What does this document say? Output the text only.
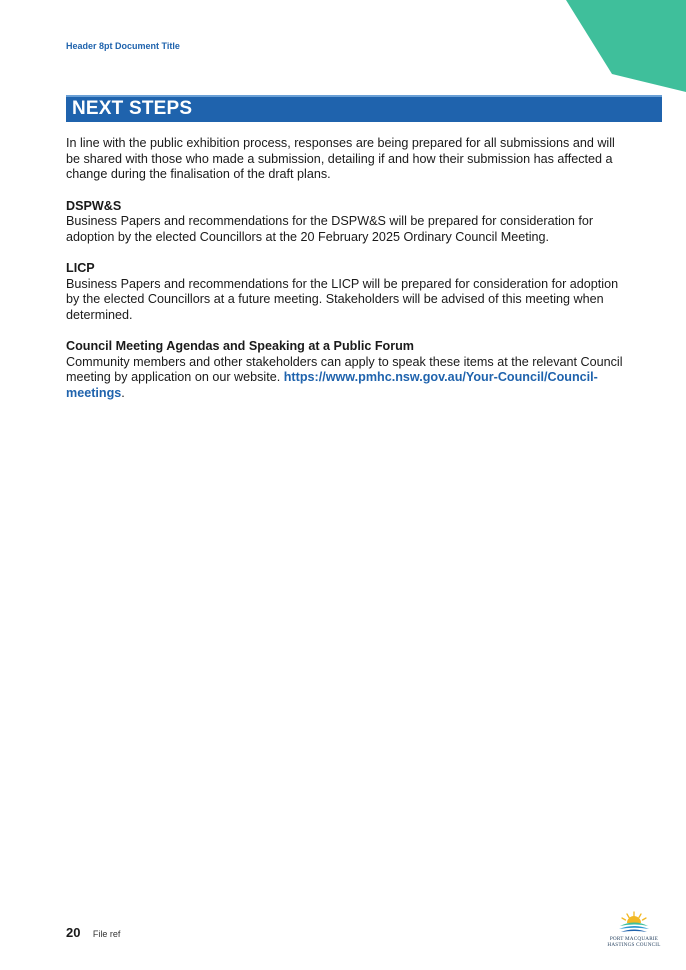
Header 8pt Document Title
NEXT STEPS

In line with the public exhibition process, responses are being prepared for all submissions and will be shared with those who made a submission, detailing if and how their submission has affected a change during the finalisation of the draft plans.

DSPW&S
Business Papers and recommendations for the DSPW&S will be prepared for consideration for adoption by the elected Councillors at the 20 February 2025 Ordinary Council Meeting.
LICP
Business Papers and recommendations for the LICP will be prepared for consideration for adoption by the elected Councillors at a future meeting. Stakeholders will be advised of this meeting when determined.
Council Meeting Agendas and Speaking at a Public Forum
Community members and other stakeholders can apply to speak these items at the relevant Council meeting by application on our website. https://www.pmhc.nsw.gov.au/Your-Council/Council-meetings.
20 File ref	PORT MACQUARIE
HASTINGS COUNCIL
